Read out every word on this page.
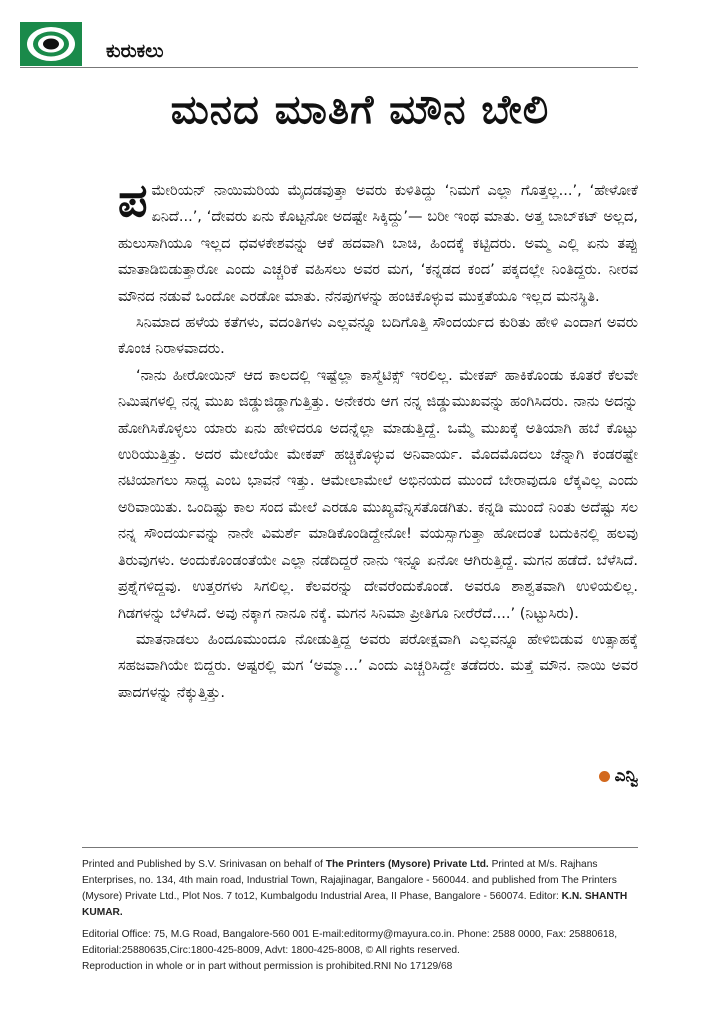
ಕುರುಕಲು
ಮನದ ಮಾತಿಗೆ ಮೌನ ಬೇಲಿ

ಪಮೇರಿಯನ್ ನಾಯಿಮರಿಯ ಮೈದಡವುತ್ತಾ ಅವರು ಕುಳಿತಿದ್ದು ‘ನಿಮಗೆ ಎಲ್ಲಾ ಗೊತ್ತಲ್ಲ...’, ‘ಹೇಳೋಕೆ ಏನಿದೆ...’, ‘ದೇವರು ಏನು ಕೊಟ್ಟನೋ ಅದಷ್ಟೇ ಸಿಕ್ಕಿದ್ದು’— ಬರೀ ಇಂಥ ಮಾತು. ಅತ್ತ ಬಾಬ್‌ಕಟ್ ಅಲ್ಲದ, ಹುಲುಸಾಗಿಯೂ ಇಲ್ಲದ ಧವಳಕೇಶವನ್ನು ಆಕೆ ಹದವಾಗಿ ಬಾಚಿ, ಹಿಂದಕ್ಕೆ ಕಟ್ಟಿದರು. ಅಮ್ಮ ಎಲ್ಲಿ ಏನು ತಪ್ಪು ಮಾತಾಡಿಬಿಡುತ್ತಾರೋ ಎಂದು ಎಚ್ಚರಿಕೆ ವಹಿಸಲು ಅವರ ಮಗ, ‘ಕನ್ನಡದ ಕಂದ’ ಪಕ್ಕದಲ್ಲೇ ನಿಂತಿದ್ದರು. ನೀರವ ಮೌನದ ನಡುವೆ ಒಂದೋ ಎರಡೋ ಮಾತು. ನೆನಪುಗಳನ್ನು ಹಂಚಿಕೊಳ್ಳುವ ಮುಕ್ತತೆಯೂ ಇಲ್ಲದ ಮನಸ್ಥಿತಿ.

ಸಿನಿಮಾದ ಹಳೆಯ ಕತೆಗಳು, ವದಂತಿಗಳು ಎಲ್ಲವನ್ನೂ ಬದಿಗೊತ್ತಿ ಸೌಂದರ್ಯದ ಕುರಿತು ಹೇಳಿ ಎಂದಾಗ ಅವರು ಕೊಂಚ ನಿರಾಳವಾದರು.

‘ನಾನು ಹೀರೋಯಿನ್ ಆದ ಕಾಲದಲ್ಲಿ ಇಷ್ಟೆಲ್ಲಾ ಕಾಸ್ಮೆಟಿಕ್ಸ್ ಇರಲಿಲ್ಲ. ಮೇಕಪ್ ಹಾಕಿಕೊಂಡು ಕೂತರೆ ಕೆಲವೇ ನಿಮಿಷಗಳಲ್ಲಿ ನನ್ನ ಮುಖ ಜಿಡ್ಡುಜಿಡ್ಡಾಗುತ್ತಿತ್ತು. ಅನೇಕರು ಆಗ ನನ್ನ ಜಿಡ್ಡುಮುಖವನ್ನು ಹಂಗಿಸಿದರು. ನಾನು ಅದನ್ನು ಹೋಗಿಸಿಕೊಳ್ಳಲು ಯಾರು ಏನು ಹೇಳಿದರೂ ಅದನ್ನೆಲ್ಲಾ ಮಾಡುತ್ತಿದ್ದೆ. ಒಮ್ಮೆ ಮುಖಕ್ಕೆ ಅತಿಯಾಗಿ ಹಬೆ ಕೊಟ್ಟು ಉರಿಯುತ್ತಿತ್ತು. ಅದರ ಮೇಲೆಯೇ ಮೇಕಪ್ ಹಚ್ಚಿಕೊಳ್ಳುವ ಅನಿವಾರ್ಯ. ಮೊದಮೊದಲು ಚೆನ್ನಾಗಿ ಕಂಡರಷ್ಟೇ ನಟಿಯಾಗಲು ಸಾಧ್ಯ ಎಂಬ ಭಾವನೆ ಇತ್ತು. ಆಮೇಲಾಮೇಲೆ ಅಭಿನಯದ ಮುಂದೆ ಬೇರಾವುದೂ ಲೆಕ್ಕವಿಲ್ಲ ಎಂದು ಅರಿವಾಯಿತು. ಒಂದಿಷ್ಟು ಕಾಲ ಸಂದ ಮೇಲೆ ಎರಡೂ ಮುಖ್ಯವೆನ್ನಿಸತೊಡಗಿತು. ಕನ್ನಡಿ ಮುಂದೆ ನಿಂತು ಅದೆಷ್ಟು ಸಲ ನನ್ನ ಸೌಂದರ್ಯವನ್ನು ನಾನೇ ವಿಮರ್ಶೆ ಮಾಡಿಕೊಂಡಿದ್ದೇನೋ! ವಯಸ್ಸಾಗುತ್ತಾ ಹೋದಂತೆ ಬದುಕಿನಲ್ಲಿ ಹಲವು ತಿರುವುಗಳು. ಅಂದುಕೊಂಡಂತೆಯೇ ಎಲ್ಲಾ ನಡೆದಿದ್ದರೆ ನಾನು ಇನ್ನೂ ಏನೋ ಆಗಿರುತ್ತಿದ್ದೆ. ಮಗನ ಹಡೆದೆ. ಬೆಳೆಸಿದೆ. ಪ್ರಶ್ನೆಗಳಿದ್ದವು. ಉತ್ತರಗಳು ಸಿಗಲಿಲ್ಲ. ಕೆಲವರನ್ನು ದೇವರೆಂದುಕೊಂಡೆ. ಅವರೂ ಶಾಶ್ವತವಾಗಿ ಉಳಿಯಲಿಲ್ಲ. ಗಿಡಗಳನ್ನು ಬೆಳೆಸಿದೆ. ಅವು ನಕ್ಕಾಗ ನಾನೂ ನಕ್ಕೆ. ಮಗನ ಸಿನಿಮಾ ಪ್ರೀತಿಗೂ ನೀರೆರೆದೆ....’ (ನಿಟ್ಟುಸಿರು).

ಮಾತನಾಡಲು ಹಿಂದೂಮುಂದೂ ನೋಡುತ್ತಿದ್ದ ಅವರು ಪರೋಕ್ಷವಾಗಿ ಎಲ್ಲವನ್ನೂ ಹೇಳಿಬಿಡುವ ಉತ್ಸಾಹಕ್ಕೆ ಸಹಜವಾಗಿಯೇ ಬಿದ್ದರು. ಅಷ್ಟರಲ್ಲಿ ಮಗ ‘ಅಮ್ಮಾ...’ ಎಂದು ಎಚ್ಚರಿಸಿದ್ದೇ ತಡೆದರು. ಮತ್ತೆ ಮೌನ. ನಾಯಿ ಅವರ ಪಾದಗಳನ್ನು ನೆಕ್ಕುತ್ತಿತ್ತು.

ಎನ್ವಿ

Printed and Published by S.V. Srinivasan on behalf of The Printers (Mysore) Private Ltd. Printed at M/s. Rajhans Enterprises, no. 134, 4th main road, Industrial Town, Rajajinagar, Bangalore - 560044. and published from The Printers (Mysore) Private Ltd., Plot Nos. 7 to12, Kumbalgodu Industrial Area, II Phase, Bangalore - 560074. Editor: K.N. SHANTH KUMAR.

Editorial Office: 75, M.G Road, Bangalore-560 001 E-mail:editormy@mayura.co.in. Phone: 2588 0000, Fax: 25880618, Editorial:25880635,Circ:1800-425-8009, Advt: 1800-425-8008, © All rights reserved.

Reproduction in whole or in part without permission is prohibited.RNI No 17129/68
